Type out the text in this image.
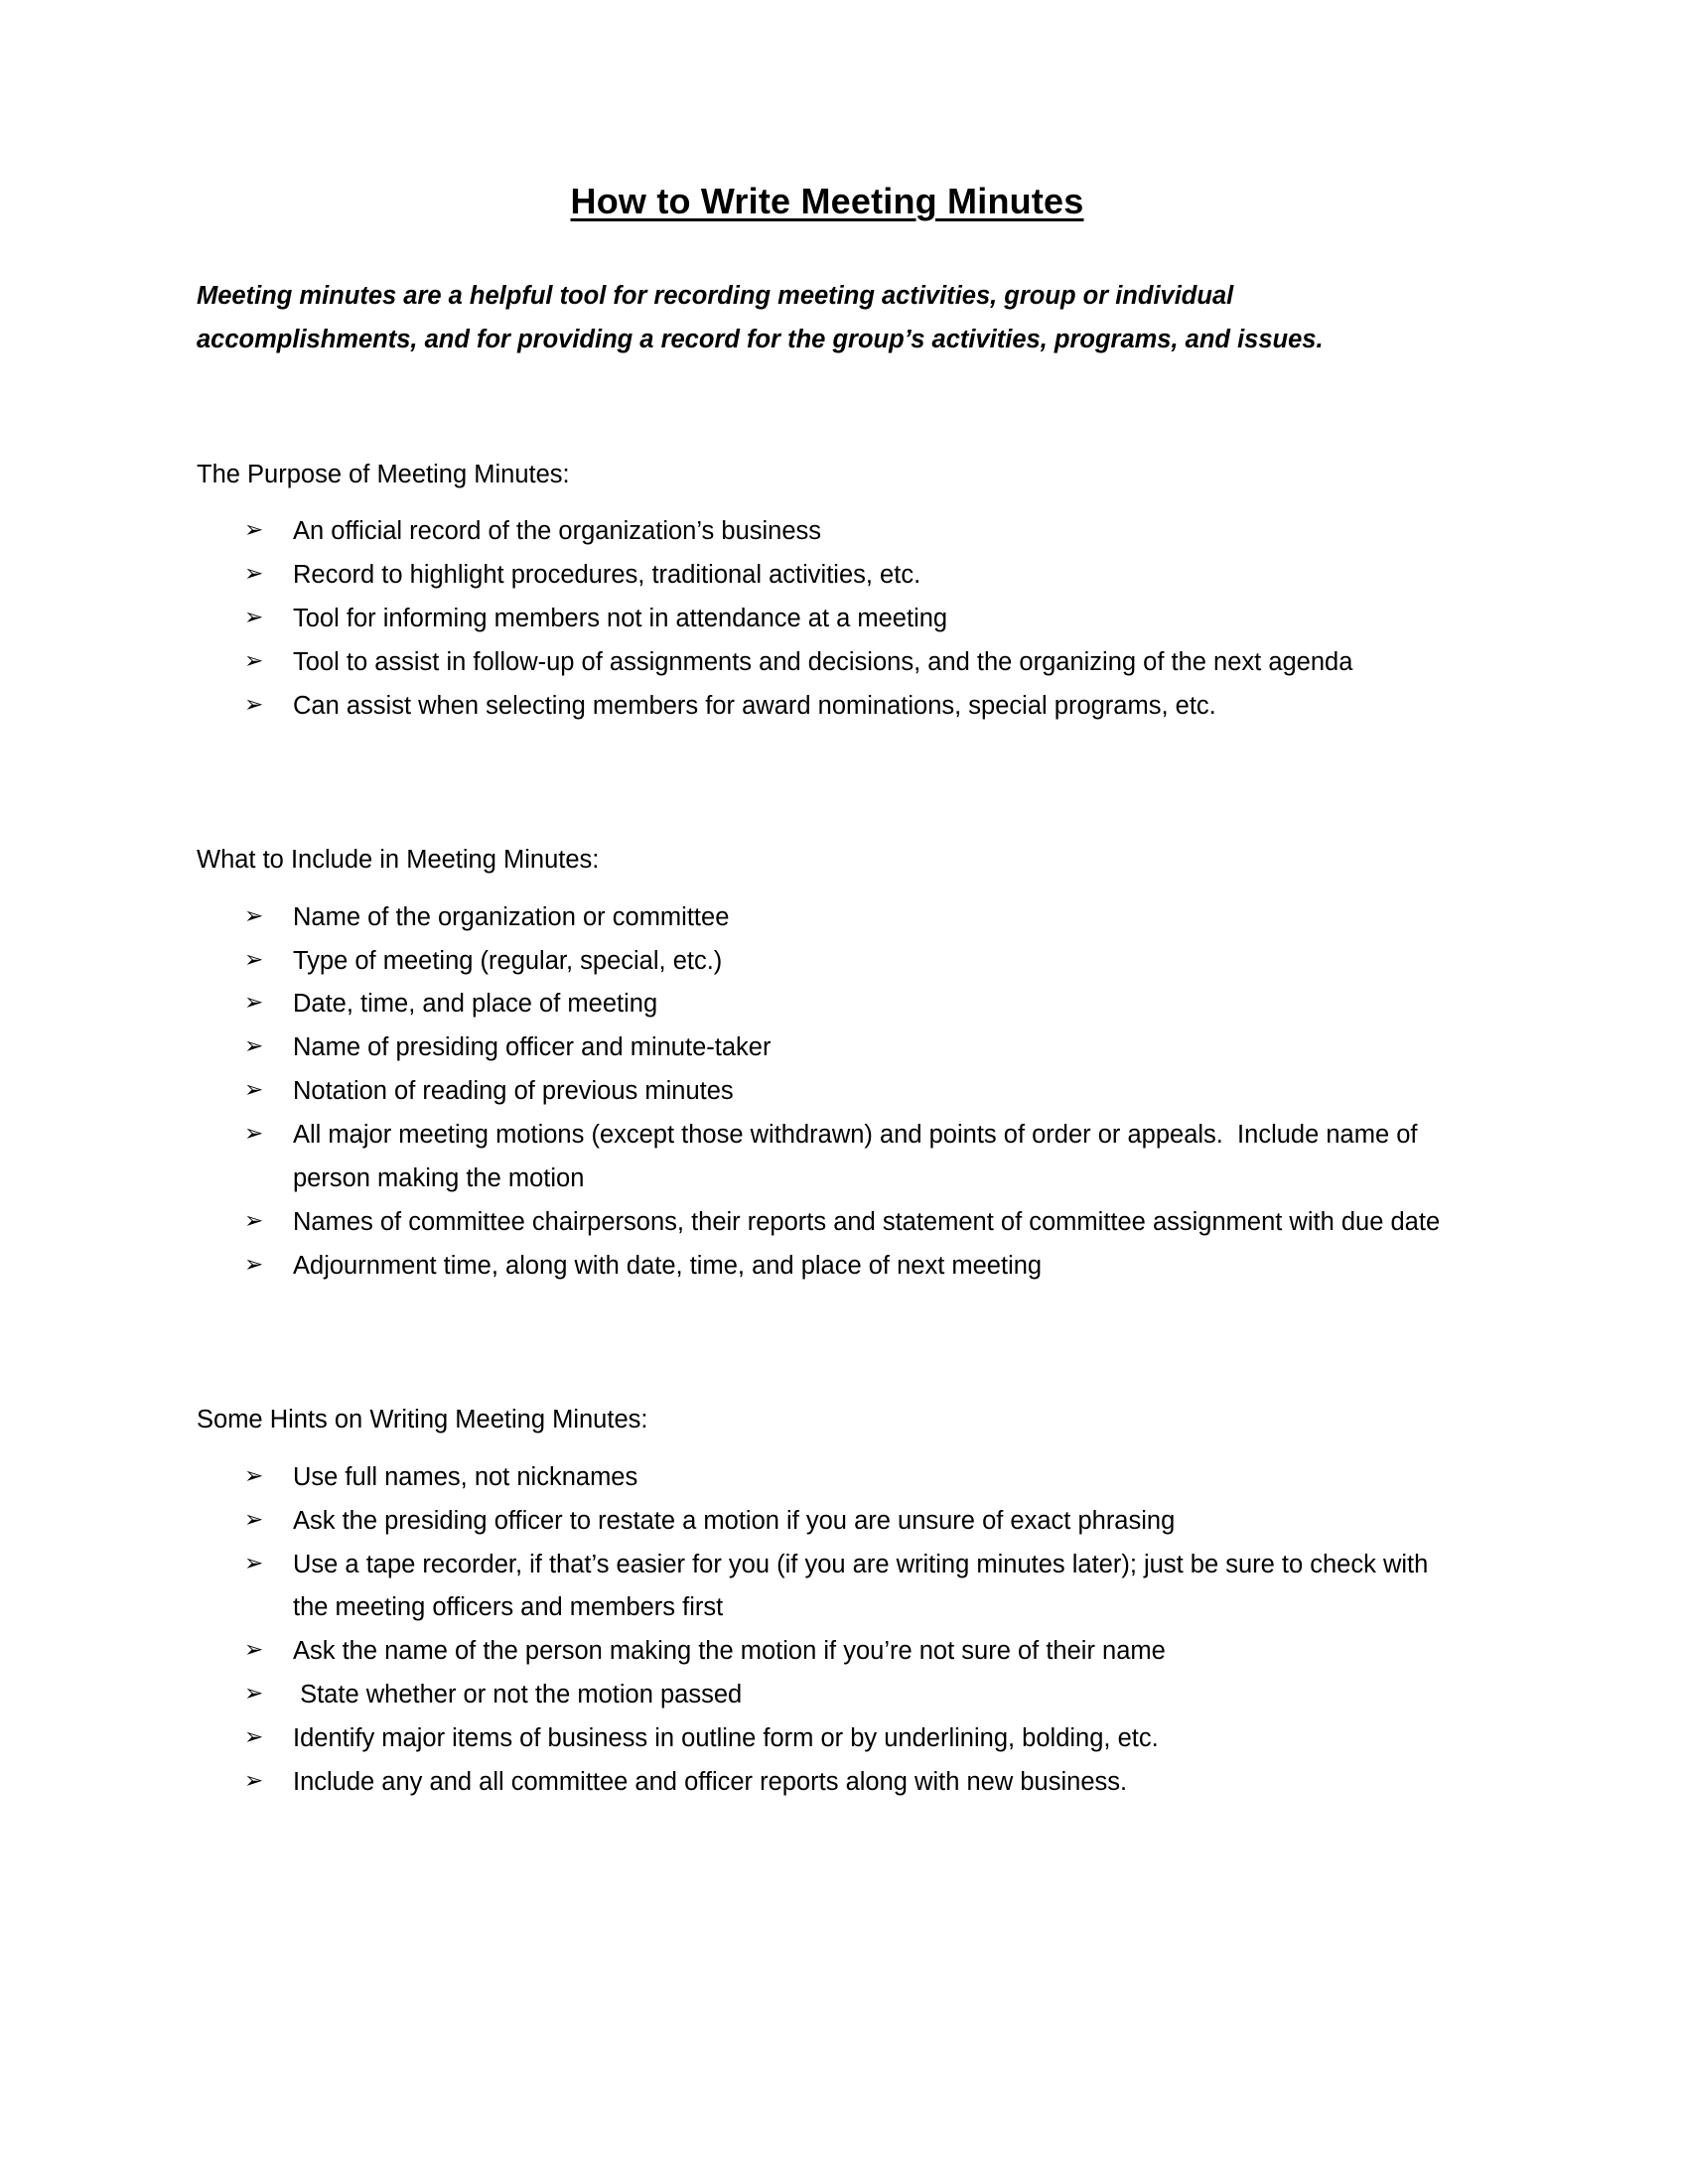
How to Write Meeting Minutes

Meeting minutes are a helpful tool for recording meeting activities, group or individual accomplishments, and for providing a record for the group’s activities, programs, and issues.

The Purpose of Meeting Minutes:

➢	An official record of the organization’s business
➢	Record to highlight procedures, traditional activities, etc.
➢	Tool for informing members not in attendance at a meeting
➢	Tool to assist in follow-up of assignments and decisions, and the organizing of the next agenda
➢	Can assist when selecting members for award nominations, special programs, etc.

What to Include in Meeting Minutes:

➢	Name of the organization or committee
➢	Type of meeting (regular, special, etc.)
➢	Date, time, and place of meeting
➢	Name of presiding officer and minute-taker
➢	Notation of reading of previous minutes
➢	All major meeting motions (except those withdrawn) and points of order or appeals.  Include name of person making the motion
➢	Names of committee chairpersons, their reports and statement of committee assignment with due date
➢	Adjournment time, along with date, time, and place of next meeting

Some Hints on Writing Meeting Minutes:

➢	Use full names, not nicknames
➢	Ask the presiding officer to restate a motion if you are unsure of exact phrasing
➢	Use a tape recorder, if that’s easier for you (if you are writing minutes later); just be sure to check with the meeting officers and members first
➢	Ask the name of the person making the motion if you’re not sure of their name
➢	State whether or not the motion passed
➢	Identify major items of business in outline form or by underlining, bolding, etc.
➢	Include any and all committee and officer reports along with new business.
